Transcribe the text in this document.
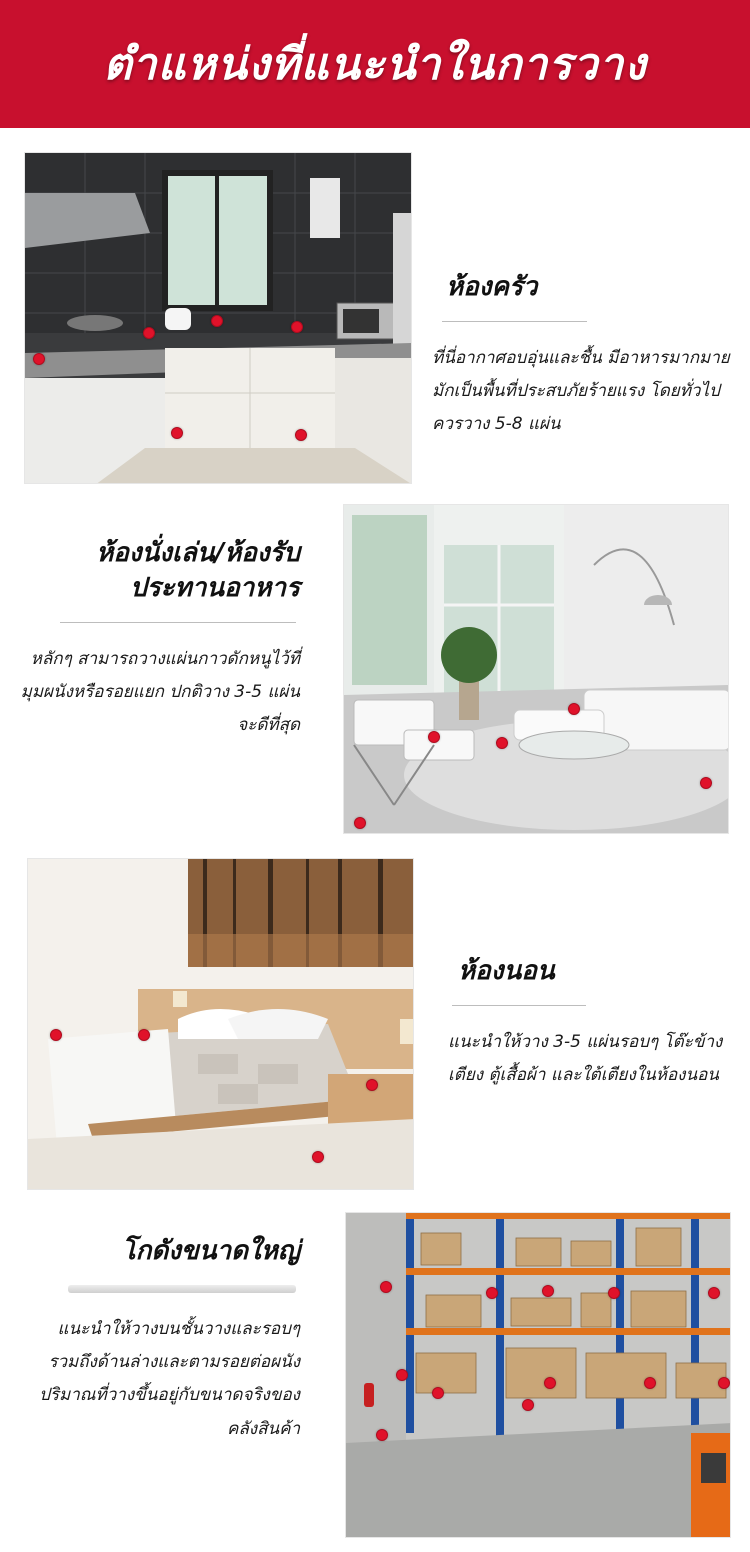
ตำแหน่งที่แนะนำในการวาง
ห้องครัว
ที่นี่อากาศอบอุ่นและชื้น มีอาหารมากมาย มักเป็นพื้นที่ประสบภัยร้ายแรง โดยทั่วไปควรวาง 5-8 แผ่น
ห้องนั่งเล่น/ห้องรับประทานอาหาร
หลักๆ สามารถวางแผ่นกาวดักหนูไว้ที่มุมผนังหรือรอยแยก ปกติวาง 3-5 แผ่นจะดีที่สุด
ห้องนอน
แนะนำให้วาง 3-5 แผ่นรอบๆ โต๊ะข้างเตียง ตู้เสื้อผ้า และใต้เตียงในห้องนอน
โกดังขนาดใหญ่
แนะนำให้วางบนชั้นวางและรอบๆ รวมถึงด้านล่างและตามรอยต่อผนัง ปริมาณที่วางขึ้นอยู่กับขนาดจริงของคลังสินค้า
